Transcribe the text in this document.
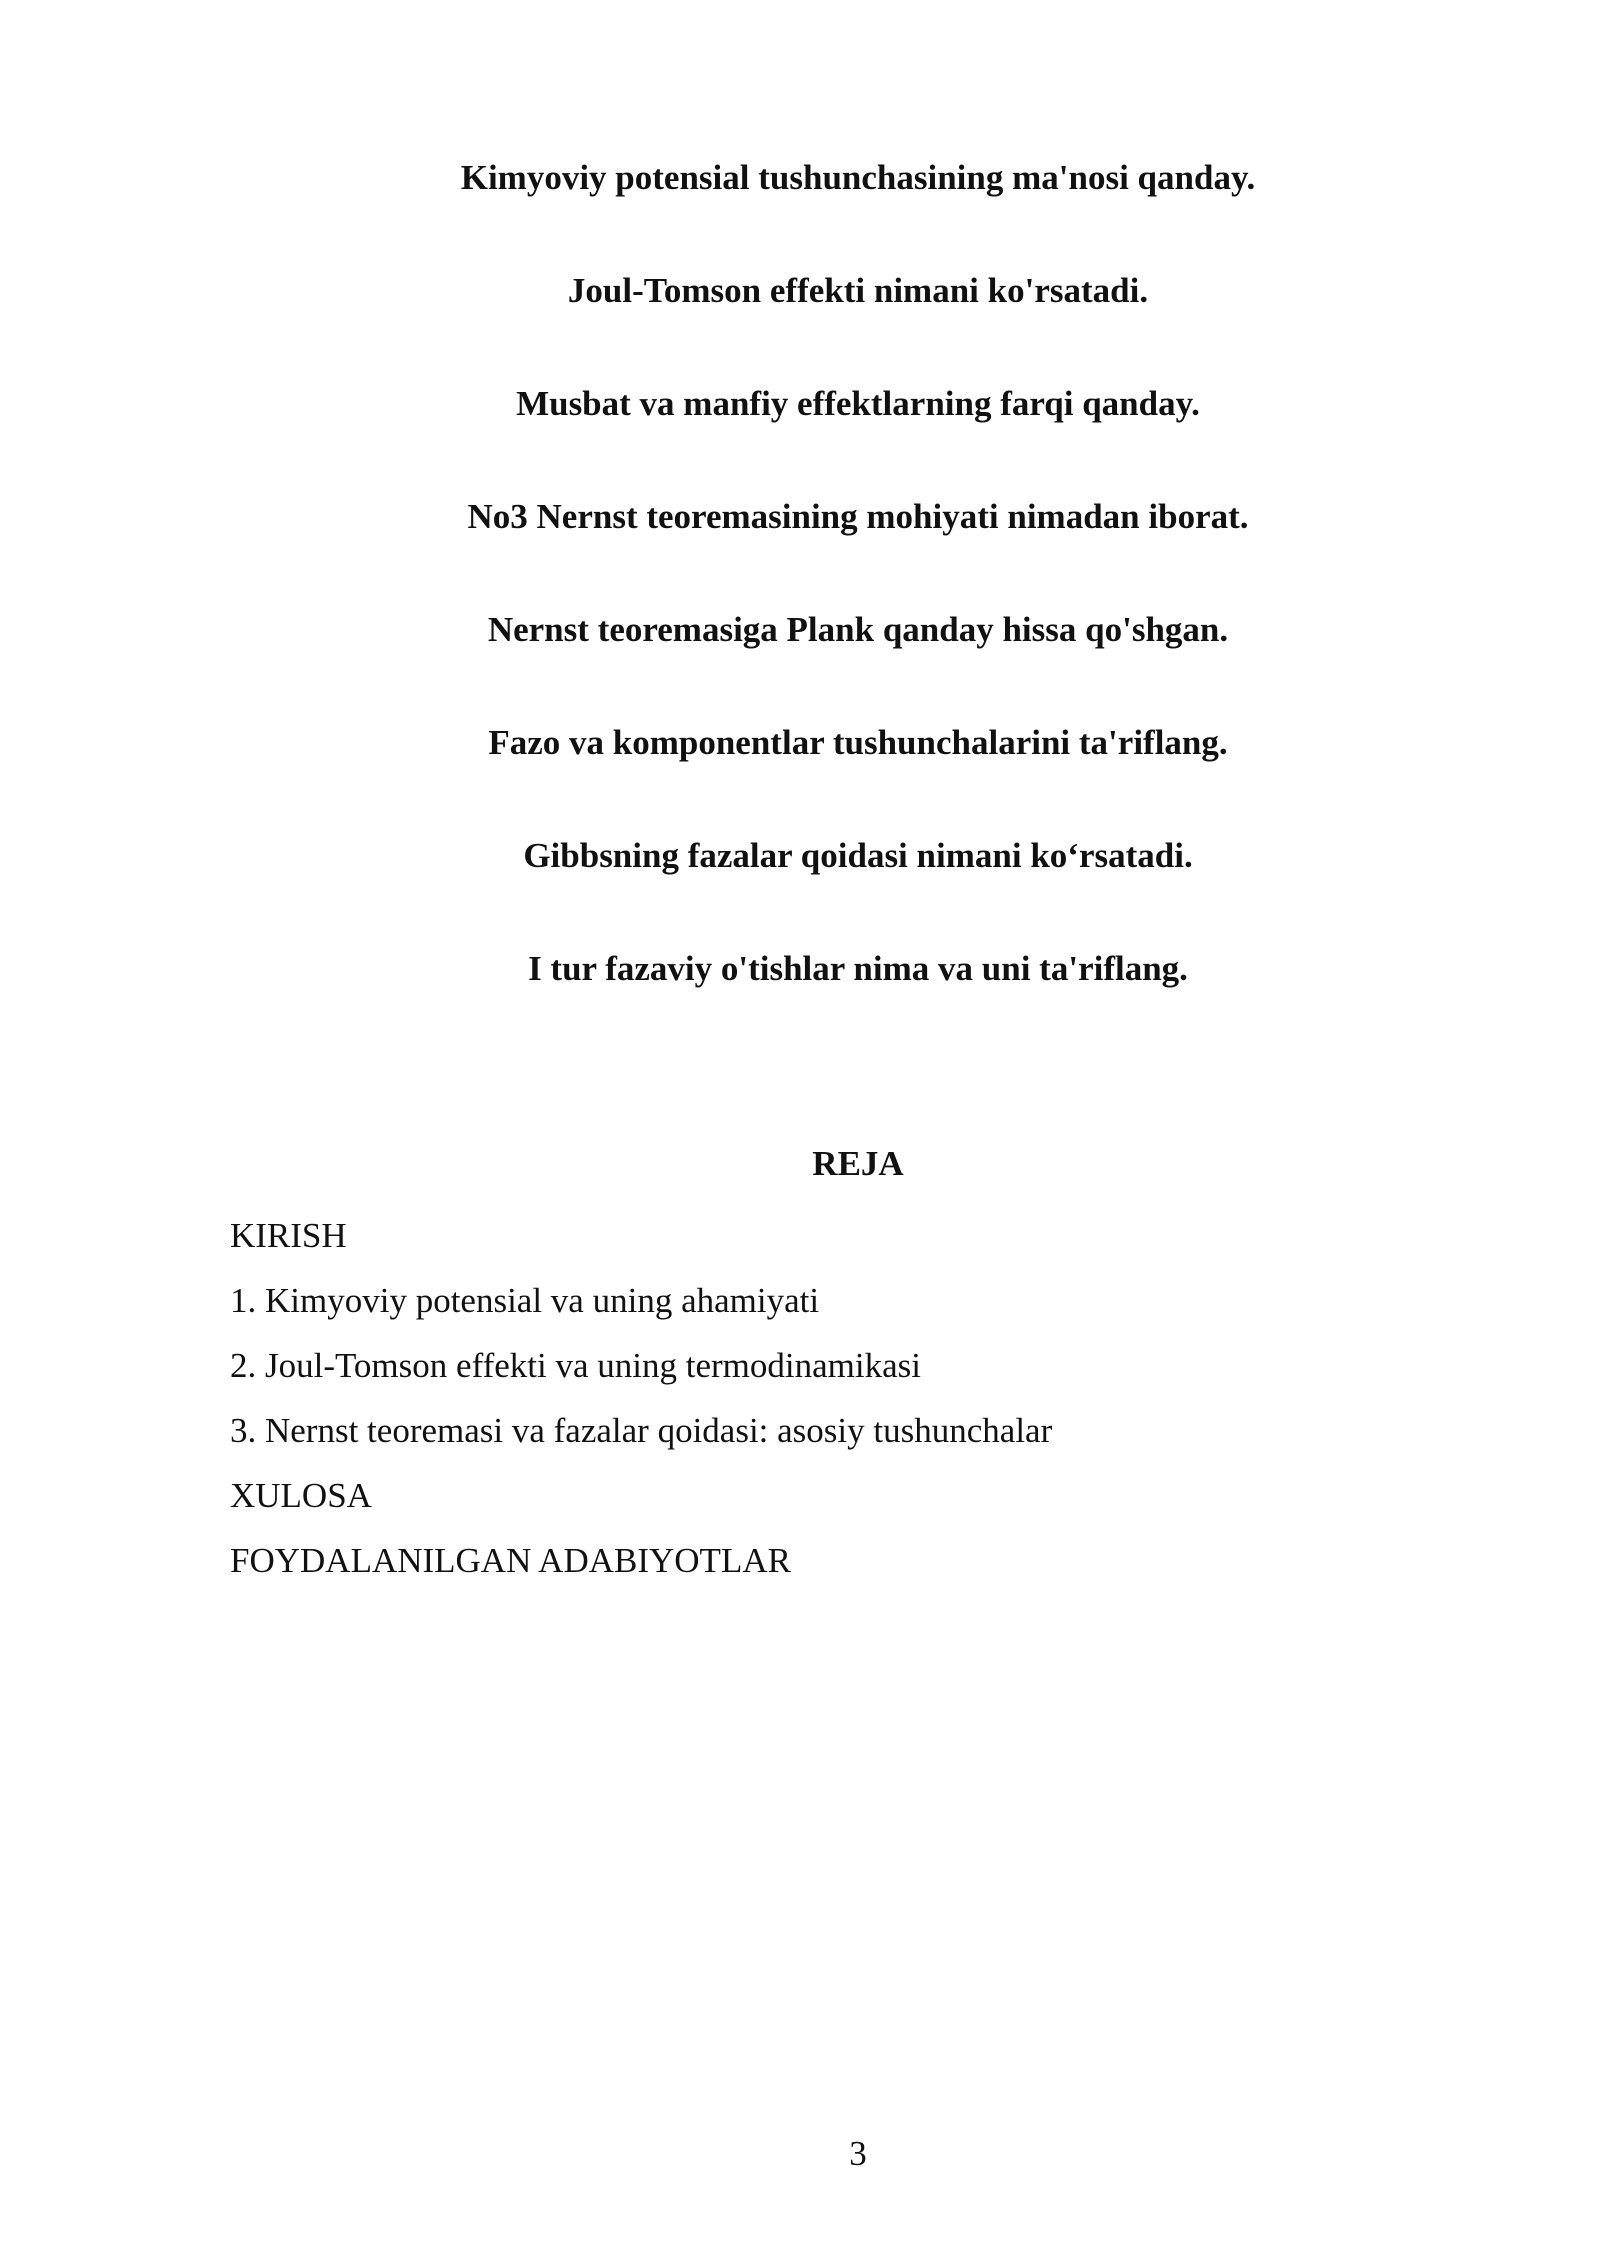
Kimyoviy potensial tushunchasining ma'nosi qanday.
Joul-Tomson effekti nimani ko'rsatadi.
Musbat va manfiy effektlarning farqi qanday.
No3 Nernst teoremasining mohiyati nimadan iborat.
Nernst teoremasiga Plank qanday hissa qo'shgan.
Fazo va komponentlar tushunchalarini ta'riflang.
Gibbsning fazalar qoidasi nimani ko‘rsatadi.
I tur fazaviy o'tishlar nima va uni ta'riflang.
REJA
KIRISH
1. Kimyoviy potensial va uning ahamiyati
2. Joul-Tomson effekti va uning termodinamikasi
3. Nernst teoremasi va fazalar qoidasi: asosiy tushunchalar
XULOSA
FOYDALANILGAN ADABIYOTLAR
3
